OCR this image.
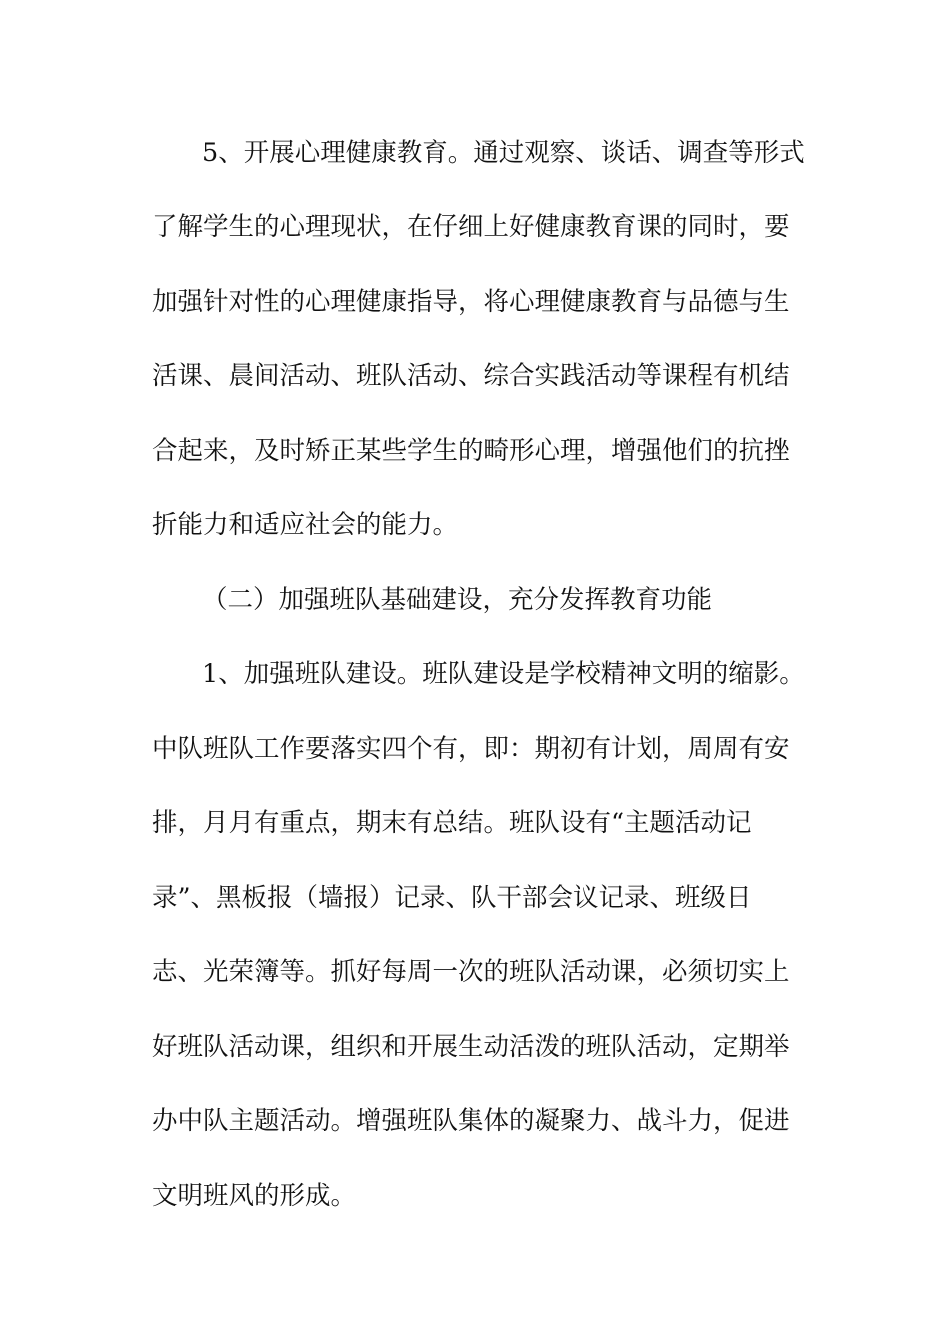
5、开展心理健康教育。通过观察、谈话、调查等形式
了解学生的心理现状，在仔细上好健康教育课的同时，要
加强针对性的心理健康指导，将心理健康教育与品德与生
活课、晨间活动、班队活动、综合实践活动等课程有机结
合起来，及时矫正某些学生的畸形心理，增强他们的抗挫
折能力和适应社会的能力。
（二）加强班队基础建设，充分发挥教育功能
1、加强班队建设。班队建设是学校精神文明的缩影。
中队班队工作要落实四个有，即：期初有计划，周周有安
排，月月有重点，期末有总结。班队设有“主题活动记
录”、黑板报（墙报）记录、队干部会议记录、班级日
志、光荣簿等。抓好每周一次的班队活动课，必须切实上
好班队活动课，组织和开展生动活泼的班队活动，定期举
办中队主题活动。增强班队集体的凝聚力、战斗力，促进
文明班风的形成。
